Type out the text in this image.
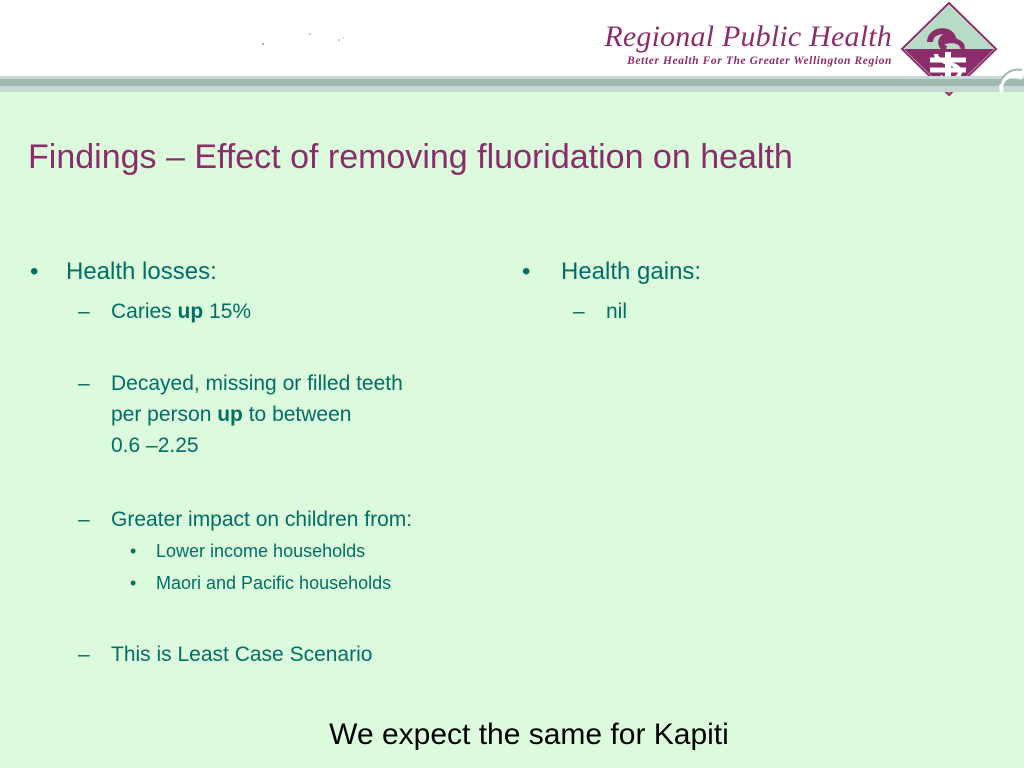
Regional Public Health
Better Health For The Greater Wellington Region
Findings – Effect of removing fluoridation on health
• Health losses:
– Caries up 15%
– Decayed, missing or filled teeth
per person up to between
0.6 –2.25
– Greater impact on children from:
• Lower income households
• Maori and Pacific households
– This is Least Case Scenario
• Health gains:
– nil
We expect the same for Kapiti
